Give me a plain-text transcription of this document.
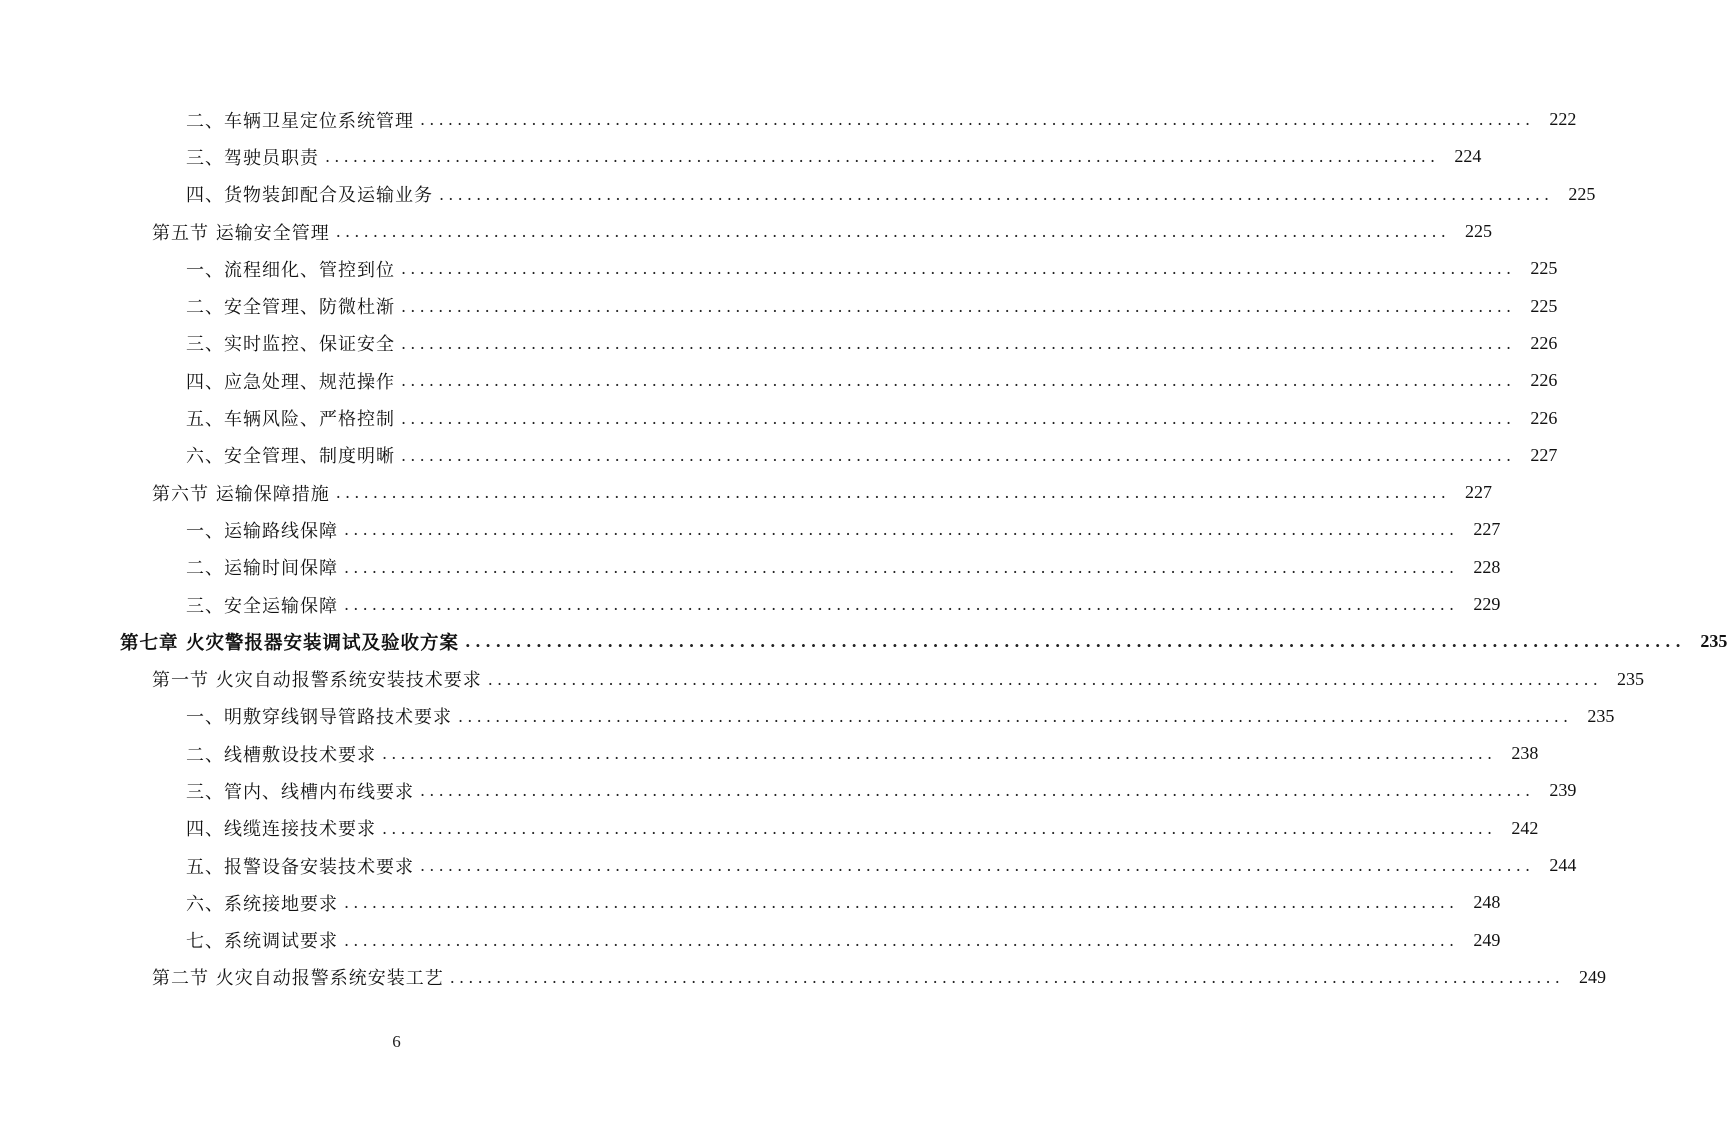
二、车辆卫星定位系统管理 ........................................................................................................................ 222
三、驾驶员职责 ........................................................................................................................ 224
四、货物装卸配合及运输业务 ........................................................................................................................ 225
第五节 运输安全管理 ........................................................................................................................ 225
一、流程细化、管控到位 ........................................................................................................................ 225
二、安全管理、防微杜渐 ........................................................................................................................ 225
三、实时监控、保证安全 ........................................................................................................................ 226
四、应急处理、规范操作 ........................................................................................................................ 226
五、车辆风险、严格控制 ........................................................................................................................ 226
六、安全管理、制度明晰 ........................................................................................................................ 227
第六节 运输保障措施 ........................................................................................................................ 227
一、运输路线保障 ........................................................................................................................ 227
二、运输时间保障 ........................................................................................................................ 228
三、安全运输保障 ........................................................................................................................ 229
第七章 火灾警报器安装调试及验收方案 ........................................................................................................................ 235
第一节 火灾自动报警系统安装技术要求 ........................................................................................................................ 235
一、明敷穿线钢导管路技术要求 ........................................................................................................................ 235
二、线槽敷设技术要求 ........................................................................................................................ 238
三、管内、线槽内布线要求 ........................................................................................................................ 239
四、线缆连接技术要求 ........................................................................................................................ 242
五、报警设备安装技术要求 ........................................................................................................................ 244
六、系统接地要求 ........................................................................................................................ 248
七、系统调试要求 ........................................................................................................................ 249
第二节 火灾自动报警系统安装工艺 ........................................................................................................................ 249
6
